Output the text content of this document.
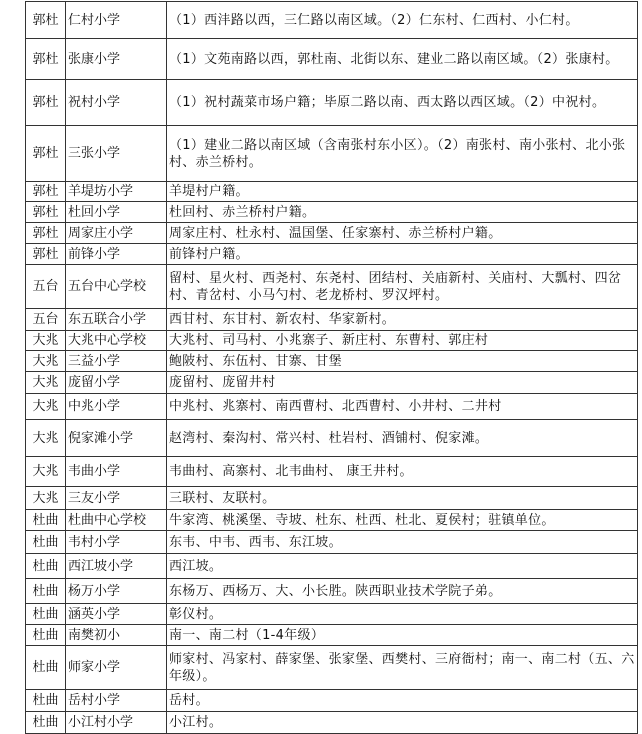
郭杜	仁村小学	（1）西沣路以西，三仁路以南区域。（2）仁东村、仁西村、小仁村。
郭杜	张康小学	（1）文苑南路以西，郭杜南、北街以东、建业二路以南区域。（2）张康村。
郭杜	祝村小学	（1）祝村蔬菜市场户籍；毕原二路以南、西太路以西区域。（2）中祝村。
郭杜	三张小学	（1）建业二路以南区域（含南张村东小区）。（2）南张村、南小张村、北小张村、赤兰桥村。
郭杜	羊堤坊小学	羊堤村户籍。
郭杜	杜回小学	杜回村、赤兰桥村户籍。
郭杜	周家庄小学	周家庄村、杜永村、温国堡、任家寨村、赤兰桥村户籍。
郭杜	前锋小学	前锋村户籍。
五台	五台中心学校	留村、星火村、西尧村、东尧村、团结村、关庙新村、关庙村、大瓢村、四岔村、青岔村、小马勺村、老龙桥村、罗汉坪村。
五台	东五联合小学	西甘村、东甘村、新农村、华家新村。
大兆	大兆中心学校	大兆村、司马村、小兆寨子、新庄村、东曹村、郭庄村
大兆	三益小学	鲍陂村、东伍村、甘寨、甘堡
大兆	庞留小学	庞留村、庞留井村
大兆	中兆小学	中兆村、兆寨村、南西曹村、北西曹村、小井村、二井村
大兆	倪家滩小学	赵湾村、秦沟村、常兴村、杜岩村、酒铺村、倪家滩。
大兆	韦曲小学	韦曲村、高寨村、北韦曲村、 康王井村。
大兆	三友小学	三联村、友联村。
杜曲	杜曲中心学校	牛家湾、桃溪堡、寺坡、杜东、杜西、杜北、夏侯村；驻镇单位。
杜曲	韦村小学	东韦、中韦、西韦、东江坡。
杜曲	西江坡小学	西江坡。
杜曲	杨万小学	东杨万、西杨万、大、小长胜。陕西职业技术学院子弟。
杜曲	涵英小学	彰仪村。
杜曲	南樊初小	南一、南二村（1-4年级）
杜曲	师家小学	师家村、冯家村、薛家堡、张家堡、西樊村、三府衙村；南一、南二村（五、六年级）。
杜曲	岳村小学	岳村。
杜曲	小江村小学	小江村。
